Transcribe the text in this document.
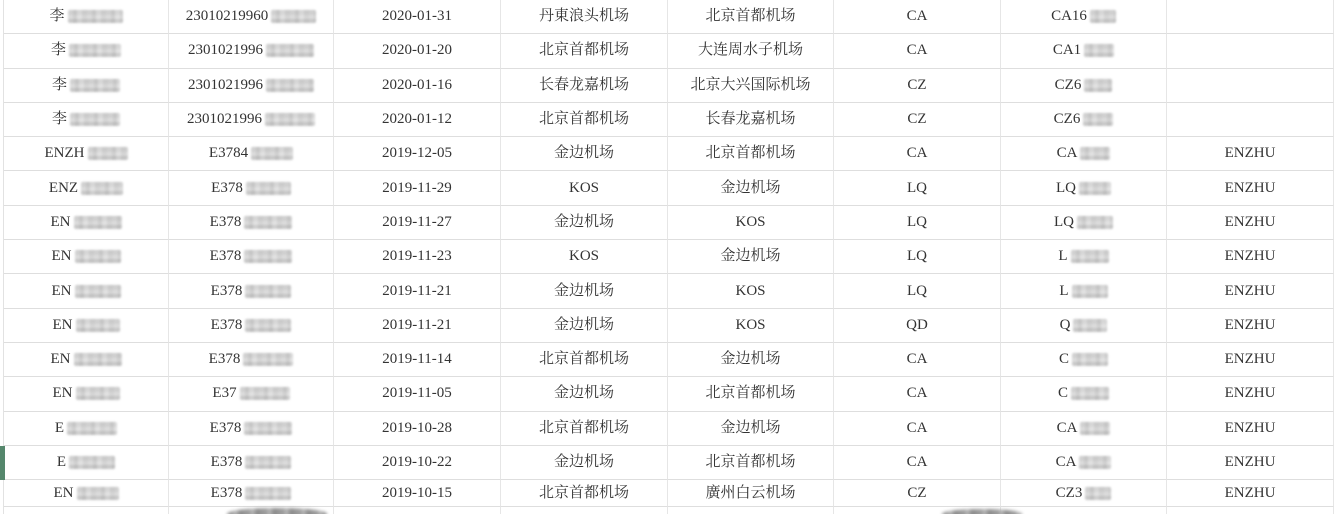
李	23010219960	2020-01-31	丹東浪头机场	北京首都机场	CA	CA16
李	2301021996	2020-01-20	北京首都机场	大连周水子机场	CA	CA1
李	2301021996	2020-01-16	长春龙嘉机场	北京大兴国际机场	CZ	CZ6
李	2301021996	2020-01-12	北京首都机场	长春龙嘉机场	CZ	CZ6
ENZH	E3784	2019-12-05	金边机场	北京首都机场	CA	CA	ENZHU
ENZ	E378	2019-11-29	KOS	金边机场	LQ	LQ	ENZHU
EN	E378	2019-11-27	金边机场	KOS	LQ	LQ	ENZHU
EN	E378	2019-11-23	KOS	金边机场	LQ	L	ENZHU
EN	E378	2019-11-21	金边机场	KOS	LQ	L	ENZHU
EN	E378	2019-11-21	金边机场	KOS	QD	Q	ENZHU
EN	E378	2019-11-14	北京首都机场	金边机场	CA	C	ENZHU
EN	E37	2019-11-05	金边机场	北京首都机场	CA	C	ENZHU
E	E378	2019-10-28	北京首都机场	金边机场	CA	CA	ENZHU
E	E378	2019-10-22	金边机场	北京首都机场	CA	CA	ENZHU
EN	E378	2019-10-15	北京首都机场	廣州白云机场	CZ	CZ3	ENZHU
